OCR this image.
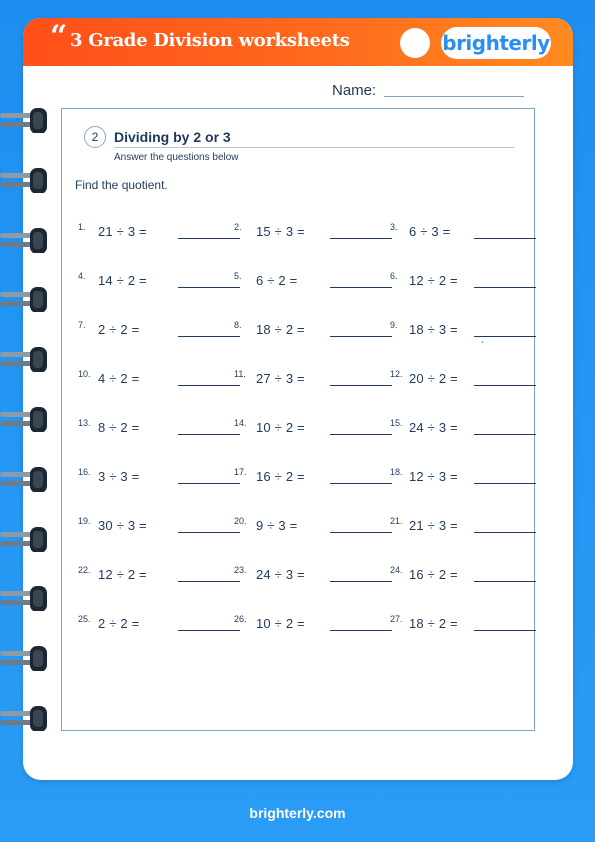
“ 3 Grade Division worksheets	brighterly
Name:
2	Dividing by 2 or 3
Answer the questions below
Find the quotient.
1. 21 ÷ 3 =	2. 15 ÷ 3 =	3. 6 ÷ 3 =
4. 14 ÷ 2 =	5. 6 ÷ 2 =	6. 12 ÷ 2 =
7. 2 ÷ 2 =	8. 18 ÷ 2 =	9. 18 ÷ 3 =
10. 4 ÷ 2 =	11. 27 ÷ 3 =	12. 20 ÷ 2 =
13. 8 ÷ 2 =	14. 10 ÷ 2 =	15. 24 ÷ 3 =
16. 3 ÷ 3 =	17. 16 ÷ 2 =	18. 12 ÷ 3 =
19. 30 ÷ 3 =	20. 9 ÷ 3 =	21. 21 ÷ 3 =
22. 12 ÷ 2 =	23. 24 ÷ 3 =	24. 16 ÷ 2 =
25. 2 ÷ 2 =	26. 10 ÷ 2 =	27. 18 ÷ 2 =
`
brighterly.com
